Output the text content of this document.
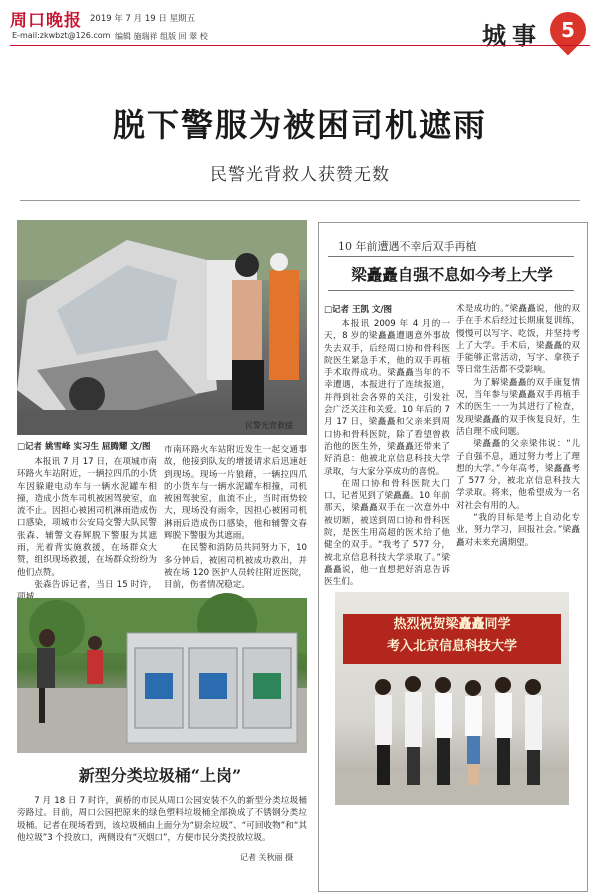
周口晚报 2019 年 7 月 19 日 星期五
E-mail:zkwbzt@126.com 编辑 施瑞祥 组版 回 翠 校	城事 5
脱下警服为被困司机遮雨
民警光背救人获赞无数
民警光背救援
□记者 姚雪峰 实习生 屈腾耀 文/图

本报讯 7 月 17 日，在项城市南环路火车站附近，一辆拉四爪的小货车因躲避电动车与一辆水泥罐车相撞，造成小货车司机被困驾驶室，血流不止。因担心被困司机淋雨造成伤口感染，项城市公安局交警大队民警张森、辅警文春辉脱下警服为其遮雨，光着背实施救援，在场群众大赞，组织现场救援，在场群众纷纷为他们点赞。

张森告诉记者，当日 15 时许，

市南环路火车站附近发生一起交通事故，他接到队友的增援请求后迅速赶到现场。现场一片狼藉，一辆拉四爪的小货车与一辆水泥罐车相撞，司机被困驾驶室，血流不止，当时雨势较大，现场没有雨伞，因担心被困司机淋雨后造成伤口感染，他和辅警文春辉脱下警服为其遮雨。

在民警和消防员共同努力下，10 多分钟后，被困司机被成功救出，并被在场 120 医护人员转往附近医院，目前，伤者情况稳定。

新型分类垃圾桶“上岗”
7 月 18 日 7 时许，黄桥的市民从周口公园安装不久的新型分类垃圾桶旁路过。目前，周口公园把原来的绿色塑料垃圾桶全部换成了不锈钢分类垃圾桶。记者在现场看到，该垃圾桶由上面分为“厨余垃圾”、“可回收物”和“其他垃圾”3 个投放口，两侧设有“灭烟口”，方便市民分类投放垃圾。
记者 关秋丽 摄
10 年前遭遇不幸后双手再植
梁矗矗自强不息如今考上大学
□记者 王凯 文/图

本报讯 2009 年 4 月的一天，8 岁的梁矗矗遭遇意外事故失去双手，后经周口协和骨科医院医生紧急手术，他的双手再植手术取得成功。梁矗矗当年的不幸遭遇，本报进行了连续报道，并得到社会各界的关注，引发社会广泛关注和关爱。10 年后的 7 月 17 日，梁矗矗和父亲来到周口协和骨科医院，除了看望曾救治他的医生外，梁矗矗还带来了好消息：他被北京信息科技大学录取，与大家分享成功的喜悦。

在周口协和骨科医院大门口，记者见到了梁矗矗。10 年前那天，梁矗矗双手在一次意外中被切断，被送到周口协和骨科医院，是医生用高超的医术给了他健全的双手。“我考了 577 分，被北京信息科技大学录取了。”梁矗矗说，他一直想把好消息告诉医生们。

术是成功的。”梁矗矗说，他的双手在手术后经过长期康复训练，慢慢可以写字、吃饭，并坚持考上了大学。手术后，梁矗矗的双手能够正常活动，写字、拿筷子等日常生活都不受影响。

为了解梁矗矗的双手康复情况，当年参与梁矗矗双手再植手术的医生一一为其进行了检查，发现梁矗矗的双手恢复良好，生活自理不成问题。

梁矗矗的父亲梁伟说：“儿子自强不息，通过努力考上了理想的大学。”今年高考，梁矗矗考了 577 分，被北京信息科技大学录取。将来，他希望成为一名对社会有用的人。

“我的目标是考上自动化专业，努力学习，回报社会。”梁矗矗对未来充满期望。

热烈祝贺梁矗矗同学
考入北京信息科技大学
